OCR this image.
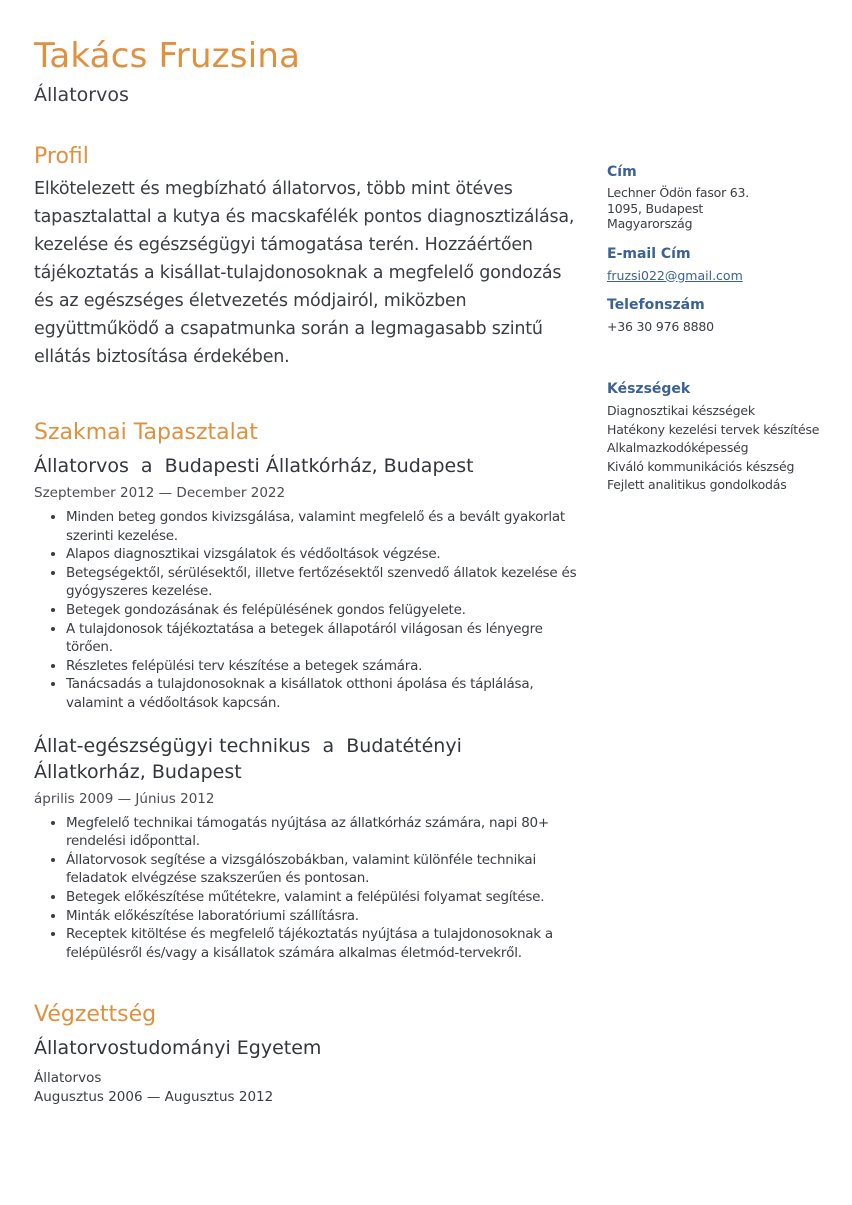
Takács Fruzsina
Állatorvos
Profil

Elkötelezett és megbízható állatorvos, több mint ötéves tapasztalattal a kutya és macskafélék pontos diagnosztizálása, kezelése és egészségügyi támogatása terén. Hozzáértően tájékoztatás a kisállat-tulajdonosoknak a megfelelő gondozás és az egészséges életvezetés módjairól, miközben együttműködő a csapatmunka során a legmagasabb szintű ellátás biztosítása érdekében.

Szakmai Tapasztalat
Állatorvos  a  Budapesti Állatkórház, Budapest

Szeptember 2012 — December 2022

• Minden beteg gondos kivizsgálása, valamint megfelelő és a bevált gyakorlat szerinti kezelése.
• Alapos diagnosztikai vizsgálatok és védőoltások végzése.
• Betegségektől, sérülésektől, illetve fertőzésektől szenvedő állatok kezelése és gyógyszeres kezelése.
• Betegek gondozásának és felépülésének gondos felügyelete.
• A tulajdonosok tájékoztatása a betegek állapotáról világosan és lényegre törően.
• Részletes felépülési terv készítése a betegek számára.
• Tanácsadás a tulajdonosoknak a kisállatok otthoni ápolása és táplálása, valamint a védőoltások kapcsán.
Állat-egészségügyi technikus  a  Budatétényi Állatkorház, Budapest

április 2009 — Június 2012

• Megfelelő technikai támogatás nyújtása az állatkórház számára, napi 80+ rendelési időponttal.
• Állatorvosok segítése a vizsgálószobákban, valamint különféle technikai feladatok elvégzése szakszerűen és pontosan.
• Betegek előkészítése műtétekre, valamint a felépülési folyamat segítése.
• Minták előkészítése laboratóriumi szállításra.
• Receptek kitöltése és megfelelő tájékoztatás nyújtása a tulajdonosoknak a felépülésről és/vagy a kisállatok számára alkalmas életmód-tervekről.
Végzettség
Állatorvostudományi Egyetem
Állatorvos
Augusztus 2006 — Augusztus 2012
Cím
Lechner Ödön fasor 63.
1095, Budapest
Magyarország
E-mail Cím
fruzsi022@gmail.com
Telefonszám
+36 30 976 8880
Készségek
Diagnosztikai készségek
Hatékony kezelési tervek készítése
Alkalmazkodóképesség
Kiváló kommunikációs készség
Fejlett analitikus gondolkodás
